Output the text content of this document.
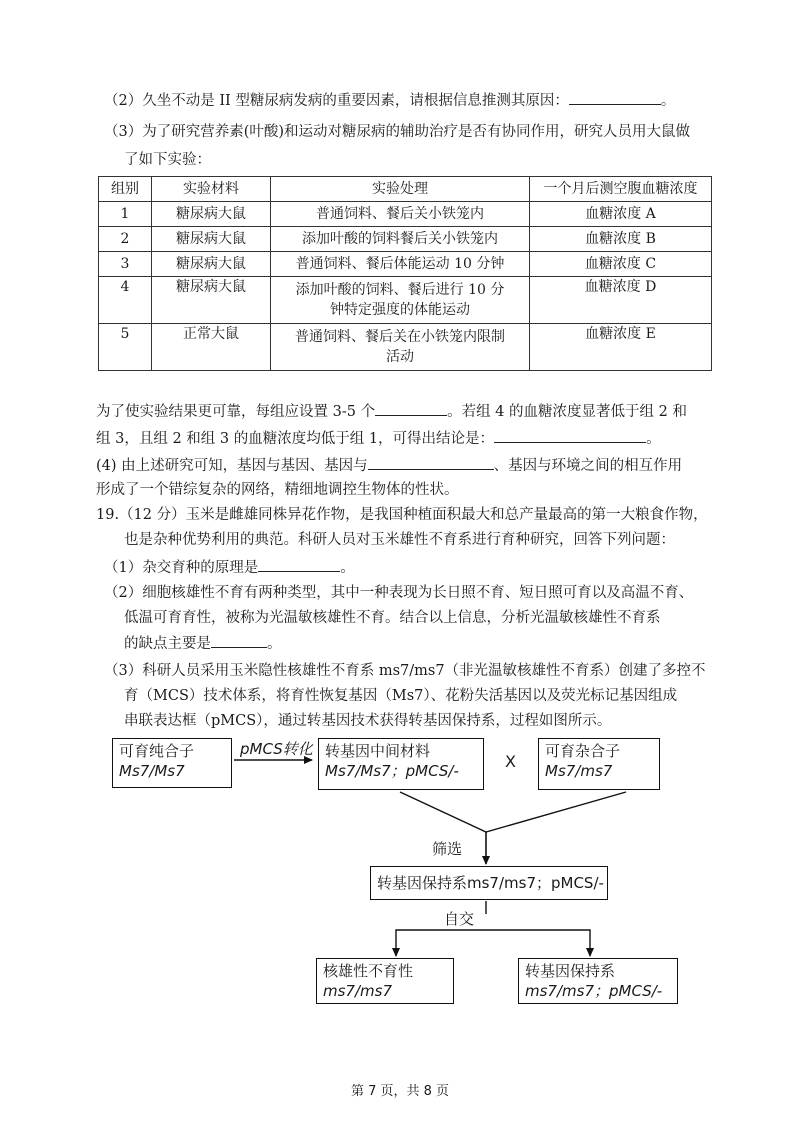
（2）久坐不动是 II 型糖尿病发病的重要因素，请根据信息推测其原因：	。
（3）为了研究营养素(叶酸)和运动对糖尿病的辅助治疗是否有协同作用，研究人员用大鼠做
了如下实验：
组别	实验材料	实验处理	一个月后测空腹血糖浓度
1	糖尿病大鼠	普通饲料、餐后关小铁笼内	血糖浓度 A
2	糖尿病大鼠	添加叶酸的饲料餐后关小铁笼内	血糖浓度 B
3	糖尿病大鼠	普通饲料、餐后体能运动 10 分钟	血糖浓度 C
4	糖尿病大鼠	添加叶酸的饲料、餐后进行 10 分
钟特定强度的体能运动	血糖浓度 D
5	正常大鼠	普通饲料、餐后关在小铁笼内限制
活动	血糖浓度 E
为了使实验结果更可靠，每组应设置 3-5 个	。若组 4 的血糖浓度显著低于组 2 和
组 3，且组 2 和组 3 的血糖浓度均低于组 1，可得出结论是：	。
(4) 由上述研究可知，基因与基因、基因与	、基因与环境之间的相互作用
形成了一个错综复杂的网络，精细地调控生物体的性状。
19.（12 分）玉米是雌雄同株异花作物，是我国种植面积最大和总产量最高的第一大粮食作物，
也是杂种优势利用的典范。科研人员对玉米雄性不育系进行育种研究，回答下列问题：
（1）杂交育种的原理是	。
（2）细胞核雄性不育有两种类型，其中一种表现为长日照不育、短日照可育以及高温不育、
低温可育育性，被称为光温敏核雄性不育。结合以上信息，分析光温敏核雄性不育系
的缺点主要是	。
（3）科研人员采用玉米隐性核雄性不育系 ms7/ms7（非光温敏核雄性不育系）创建了多控不
育（MCS）技术体系，将育性恢复基因（Ms7）、花粉失活基因以及荧光标记基因组成
串联表达框（pMCS），通过转基因技术获得转基因保持系，过程如图所示。
可育纯合子
Ms7/Ms7
pMCS转化 转基因中间材料
Ms7/Ms7；pMCS/-	X
可育杂合子
Ms7/ms7
筛选
转基因保持系ms7/ms7；pMCS/-
自交
核雄性不育性
ms7/ms7
转基因保持系
ms7/ms7；pMCS/-
第 7 页，共 8 页
